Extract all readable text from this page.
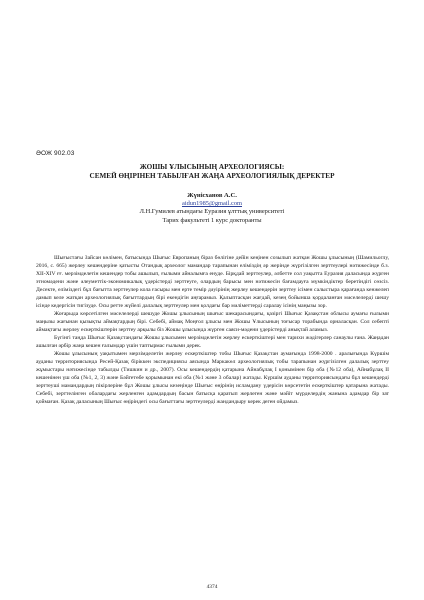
ӘОЖ 902.03
ЖОШЫ ҰЛЫСЫНЫҢ АРХЕОЛОГИЯСЫ:
СЕМЕЙ ӨҢІРІНЕН ТАБЫЛҒАН ЖАҢА АРХЕОЛОГИЯЛЫҚ ДЕРЕКТЕР
Жүнісханов А.С.
aidun1985@gmail.com
Л.Н.Гумилев атындағы Еуразия ұлттық университеті
Тарих факультеті 1 курс докторанты

Шығыстағы Зайсан көлімен, батысында Шығыс Европаның біраз бөлігіне дейін кеңінен созылып жатқан Жошы ұлысының (Шамильоглу, 2016, с. 665) жерлеу кешендеріне қатысты Отандық археолог мамандар тарапынан еліміздің әр жерінде жүргізілген зерттеулері нәтижесінде б.з. ХІІ-ХІV ғғ. мерзімделетін кешендер тобы ашылып, ғылыми айналымға енуде. Бірқдай зерттеулер, әлбетте сол уақытта Еуразия даласында жүрген этномәдени және әлеуметтік-экономикалық үдерістерді зерттеуге, олардың барысы мен нәтижесін бағамдауға мүмкіндіктер беретіндігі сөзсіз. Десекте, еліміздегі бұл бағытта зерттеулер кола ғасыры мен ерте темір дәуірінің жерлеу кешендерін зерттеу ісімен салыстыра қарағанда кенжелеп дамып келе жатқан археологиялық бағыттардың бірі екендігін аңғарамыз. Қалыптасқан жағдай, кезең бойынша қордаланған мәселелерді шешу ісінде кедергісін тигізуде. Осы ретте жүйелі далалық зерттеулер мен қолдағы бар мәліметтерді саралау ісінің маңызы зор.

Жоғарыда көрсетілген мәселелерді шешуде Жошы ұлысының шығыс шекарасындағы, қазіргі Шығыс Қазақстан облысы аумағы ғылыми маңызы жағынан қызықты аймақтардың бірі. Себебі, аймақ Моңғол ұлысы мен Жошы Ұлысының тоғысар торабында орналасқан. Сол себепті аймақтағы жерлеу ескерткіштерін зерттеу арқылы біз Жошы ұлысында жүрген саяси-мәдени үдерістерді анықтай аламыз.

Бүгінгі таңда Шығыс Қазақстандағы Жошы ұлысымен мерзімделетін жерлеу ескерткіштері мен тарихи жәдігерлер санаулы ғана. Жаңадан ашылған әрбір жаңа кешен ғалымдар үшін таптырмас ғылыми дерек.

Жошы ұлысының уақытымен мерзімделетін жерлеу ескерткіштер тобы Шығыс Қазақстан аумағында 1998-2000 . аралығында Күршім ауданы территориясында Ресей-Қазақ біріккен экспедициясы аясында Маркакөл археологиялық тобы тарапынан жүргізілген далалық зерттеу жұмыстары нәтижесінде табылды (Тишкин и др., 2007). Осы кешендердің қатарына Айнабұлақ І қонымінен бір оба (№12 оба), Айнабұлақ ІІ кешенінен үш оба (№1, 2, 3) және Бәйгетөбе қорымынан екі оба (№1 және 3 обалар) жатады. Күршім ауданы территориясындағы бұл кешендерді зерттеуші мамандардың пікірлеріне бұл Жошы ұлысы кезеңінде Шығыс өңірінің исламдану үдерісін көрсететін ескерткіштер қатарына жатады. Себебі, зерттелінген обалардағы жерленген адамдардың басын батысқа қаратып жерлеген және мәйіт мүрделердің жанына адамдар бір зат қоймаған. Қазақ даласының Шығыс өңіріндегі осы бағыттағы зерттеулерді жандандыру керек деген ойдамыз.

4374
